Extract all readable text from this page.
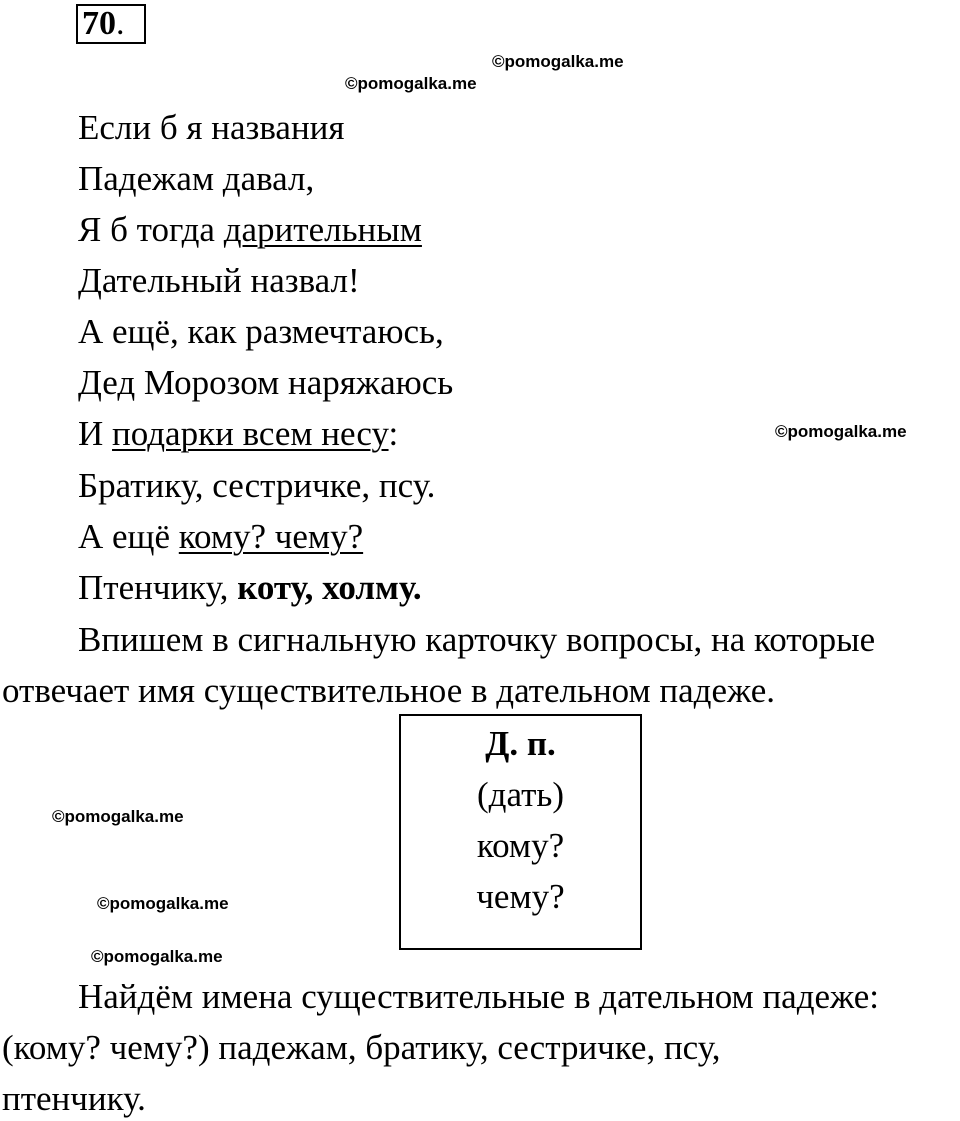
70.
©pomogalka.me
©pomogalka.me
©pomogalka.me
©pomogalka.me
©pomogalka.me
©pomogalka.me
Если б я названия
Падежам давал,
Я б тогда дарительным
Дательный назвал!
А ещё, как размечтаюсь,
Дед Морозом наряжаюсь
И подарки всем несу:
Братику, сестричке, псу.
А ещё кому? чему?
Птенчику, коту, холму.
Впишем в сигнальную карточку вопросы, на которые
отвечает имя существительное в дательном падеже.
Д. п.
(дать)
кому?
чему?
Найдём имена существительные в дательном падеже:
(кому? чему?) падежам, братику, сестричке, псу,
птенчику.
